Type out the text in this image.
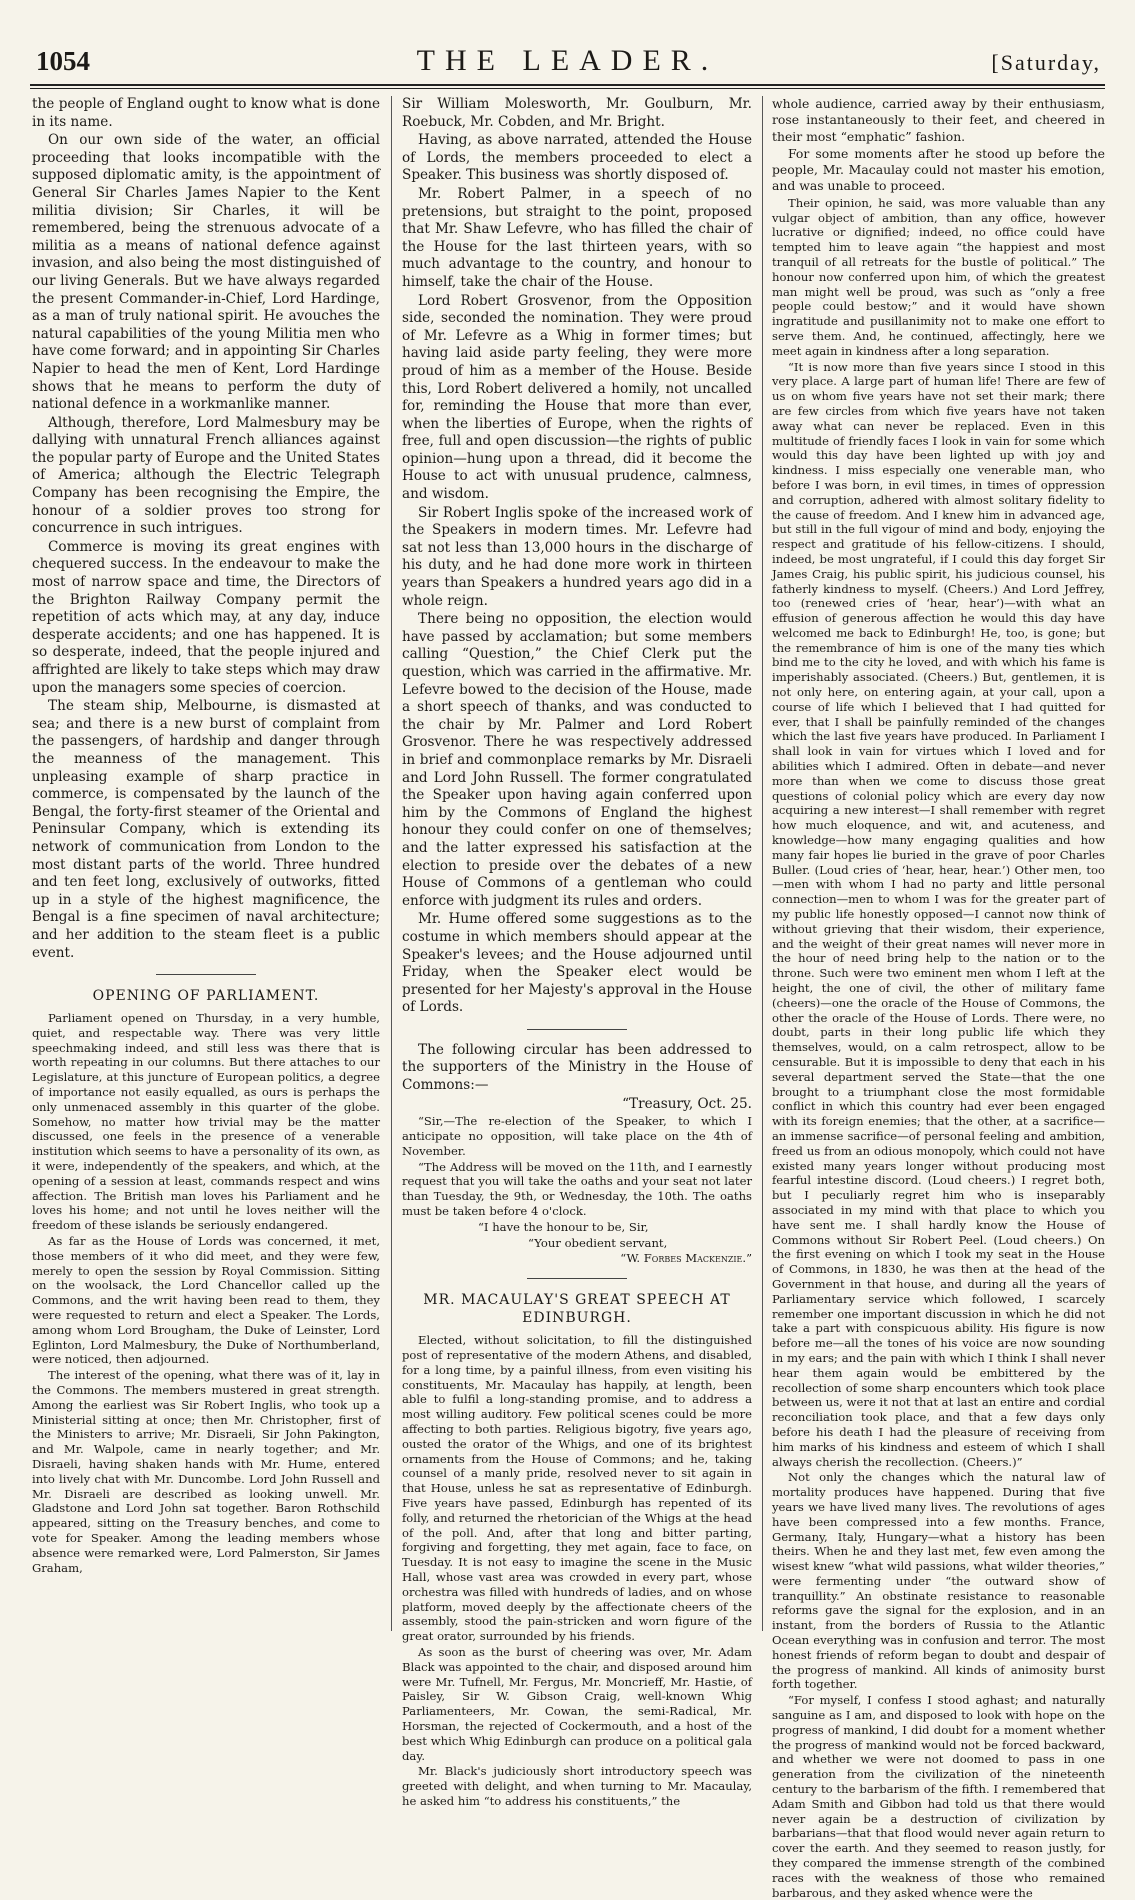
1054	THE LEADER.	[Saturday,

the people of England ought to know what is done in its name.

On our own side of the water, an official proceeding that looks incompatible with the supposed diplomatic amity, is the appointment of General Sir Charles James Napier to the Kent militia division; Sir Charles, it will be remembered, being the strenuous advocate of a militia as a means of national defence against invasion, and also being the most distinguished of our living Generals. But we have always regarded the present Commander-in-Chief, Lord Hardinge, as a man of truly national spirit. He avouches the natural capabilities of the young Militia men who have come forward; and in appointing Sir Charles Napier to head the men of Kent, Lord Hardinge shows that he means to perform the duty of national defence in a workmanlike manner.

Although, therefore, Lord Malmesbury may be dallying with unnatural French alliances against the popular party of Europe and the United States of America; although the Electric Telegraph Company has been recognising the Empire, the honour of a soldier proves too strong for concurrence in such intrigues.

Commerce is moving its great engines with chequered success. In the endeavour to make the most of narrow space and time, the Directors of the Brighton Railway Company permit the repetition of acts which may, at any day, induce desperate accidents; and one has happened. It is so desperate, indeed, that the people injured and affrighted are likely to take steps which may draw upon the managers some species of coercion.

The steam ship, Melbourne, is dismasted at sea; and there is a new burst of complaint from the passengers, of hardship and danger through the meanness of the management. This unpleasing example of sharp practice in commerce, is compensated by the launch of the Bengal, the forty-first steamer of the Oriental and Peninsular Company, which is extending its network of communication from London to the most distant parts of the world. Three hundred and ten feet long, exclusively of outworks, fitted up in a style of the highest magnificence, the Bengal is a fine specimen of naval architecture; and her addition to the steam fleet is a public event.

OPENING OF PARLIAMENT.

Parliament opened on Thursday, in a very humble, quiet, and respectable way. There was very little speechmaking indeed, and still less was there that is worth repeating in our columns. But there attaches to our Legislature, at this juncture of European politics, a degree of importance not easily equalled, as ours is perhaps the only unmenaced assembly in this quarter of the globe. Somehow, no matter how trivial may be the matter discussed, one feels in the presence of a venerable institution which seems to have a personality of its own, as it were, independently of the speakers, and which, at the opening of a session at least, commands respect and wins affection. The British man loves his Parliament and he loves his home; and not until he loves neither will the freedom of these islands be seriously endangered.

As far as the House of Lords was concerned, it met, those members of it who did meet, and they were few, merely to open the session by Royal Commission. Sitting on the woolsack, the Lord Chancellor called up the Commons, and the writ having been read to them, they were requested to return and elect a Speaker. The Lords, among whom Lord Brougham, the Duke of Leinster, Lord Eglinton, Lord Malmesbury, the Duke of Northumberland, were noticed, then adjourned.

The interest of the opening, what there was of it, lay in the Commons. The members mustered in great strength. Among the earliest was Sir Robert Inglis, who took up a Ministerial sitting at once; then Mr. Christopher, first of the Ministers to arrive; Mr. Disraeli, Sir John Pakington, and Mr. Walpole, came in nearly together; and Mr. Disraeli, having shaken hands with Mr. Hume, entered into lively chat with Mr. Duncombe. Lord John Russell and Mr. Disraeli are described as looking unwell. Mr. Gladstone and Lord John sat together. Baron Rothschild appeared, sitting on the Treasury benches, and come to vote for Speaker. Among the leading members whose absence were remarked were, Lord Palmerston, Sir James Graham,

Sir William Molesworth, Mr. Goulburn, Mr. Roebuck, Mr. Cobden, and Mr. Bright.

Having, as above narrated, attended the House of Lords, the members proceeded to elect a Speaker. This business was shortly disposed of.

Mr. Robert Palmer, in a speech of no pretensions, but straight to the point, proposed that Mr. Shaw Lefevre, who has filled the chair of the House for the last thirteen years, with so much advantage to the country, and honour to himself, take the chair of the House.

Lord Robert Grosvenor, from the Opposition side, seconded the nomination. They were proud of Mr. Lefevre as a Whig in former times; but having laid aside party feeling, they were more proud of him as a member of the House. Beside this, Lord Robert delivered a homily, not uncalled for, reminding the House that more than ever, when the liberties of Europe, when the rights of free, full and open discussion—the rights of public opinion—hung upon a thread, did it become the House to act with unusual prudence, calmness, and wisdom.

Sir Robert Inglis spoke of the increased work of the Speakers in modern times. Mr. Lefevre had sat not less than 13,000 hours in the discharge of his duty, and he had done more work in thirteen years than Speakers a hundred years ago did in a whole reign.

There being no opposition, the election would have passed by acclamation; but some members calling “Question,” the Chief Clerk put the question, which was carried in the affirmative. Mr. Lefevre bowed to the decision of the House, made a short speech of thanks, and was conducted to the chair by Mr. Palmer and Lord Robert Grosvenor. There he was respectively addressed in brief and commonplace remarks by Mr. Disraeli and Lord John Russell. The former congratulated the Speaker upon having again conferred upon him by the Commons of England the highest honour they could confer on one of themselves; and the latter expressed his satisfaction at the election to preside over the debates of a new House of Commons of a gentleman who could enforce with judgment its rules and orders.

Mr. Hume offered some suggestions as to the costume in which members should appear at the Speaker's levees; and the House adjourned until Friday, when the Speaker elect would be presented for her Majesty's approval in the House of Lords.

The following circular has been addressed to the supporters of the Ministry in the House of Commons:—

“Treasury, Oct. 25.

“Sir,—The re-election of the Speaker, to which I anticipate no opposition, will take place on the 4th of November.

“The Address will be moved on the 11th, and I earnestly request that you will take the oaths and your seat not later than Tuesday, the 9th, or Wednesday, the 10th. The oaths must be taken before 4 o'clock.

“I have the honour to be, Sir,

“Your obedient servant,

“W. Forbes Mackenzie.”

MR. MACAULAY'S GREAT SPEECH AT EDINBURGH.

Elected, without solicitation, to fill the distinguished post of representative of the modern Athens, and disabled, for a long time, by a painful illness, from even visiting his constituents, Mr. Macaulay has happily, at length, been able to fulfil a long-standing promise, and to address a most willing auditory. Few political scenes could be more affecting to both parties. Religious bigotry, five years ago, ousted the orator of the Whigs, and one of its brightest ornaments from the House of Commons; and he, taking counsel of a manly pride, resolved never to sit again in that House, unless he sat as representative of Edinburgh. Five years have passed, Edinburgh has repented of its folly, and returned the rhetorician of the Whigs at the head of the poll. And, after that long and bitter parting, forgiving and forgetting, they met again, face to face, on Tuesday. It is not easy to imagine the scene in the Music Hall, whose vast area was crowded in every part, whose orchestra was filled with hundreds of ladies, and on whose platform, moved deeply by the affectionate cheers of the assembly, stood the pain-stricken and worn figure of the great orator, surrounded by his friends.

As soon as the burst of cheering was over, Mr. Adam Black was appointed to the chair, and disposed around him were Mr. Tufnell, Mr. Fergus, Mr. Moncrieff, Mr. Hastie, of Paisley, Sir W. Gibson Craig, well-known Whig Parliamenteers, Mr. Cowan, the semi-Radical, Mr. Horsman, the rejected of Cockermouth, and a host of the best which Whig Edinburgh can produce on a political gala day.

Mr. Black's judiciously short introductory speech was greeted with delight, and when turning to Mr. Macaulay, he asked him “to address his constituents,” the

whole audience, carried away by their enthusiasm, rose instantaneously to their feet, and cheered in their most “emphatic” fashion.

For some moments after he stood up before the people, Mr. Macaulay could not master his emotion, and was unable to proceed.

Their opinion, he said, was more valuable than any vulgar object of ambition, than any office, however lucrative or dignified; indeed, no office could have tempted him to leave again “the happiest and most tranquil of all retreats for the bustle of political.” The honour now conferred upon him, of which the greatest man might well be proud, was such as “only a free people could bestow;” and it would have shown ingratitude and pusillanimity not to make one effort to serve them. And, he continued, affectingly, here we meet again in kindness after a long separation.

“It is now more than five years since I stood in this very place. A large part of human life! There are few of us on whom five years have not set their mark; there are few circles from which five years have not taken away what can never be replaced. Even in this multitude of friendly faces I look in vain for some which would this day have been lighted up with joy and kindness. I miss especially one venerable man, who before I was born, in evil times, in times of oppression and corruption, adhered with almost solitary fidelity to the cause of freedom. And I knew him in advanced age, but still in the full vigour of mind and body, enjoying the respect and gratitude of his fellow-citizens. I should, indeed, be most ungrateful, if I could this day forget Sir James Craig, his public spirit, his judicious counsel, his fatherly kindness to myself. (Cheers.) And Lord Jeffrey, too (renewed cries of ‘hear, hear’)—with what an effusion of generous affection he would this day have welcomed me back to Edinburgh! He, too, is gone; but the remembrance of him is one of the many ties which bind me to the city he loved, and with which his fame is imperishably associated. (Cheers.) But, gentlemen, it is not only here, on entering again, at your call, upon a course of life which I believed that I had quitted for ever, that I shall be painfully reminded of the changes which the last five years have produced. In Parliament I shall look in vain for virtues which I loved and for abilities which I admired. Often in debate—and never more than when we come to discuss those great questions of colonial policy which are every day now acquiring a new interest—I shall remember with regret how much eloquence, and wit, and acuteness, and knowledge—how many engaging qualities and how many fair hopes lie buried in the grave of poor Charles Buller. (Loud cries of ‘hear, hear, hear.’) Other men, too—men with whom I had no party and little personal connection—men to whom I was for the greater part of my public life honestly opposed—I cannot now think of without grieving that their wisdom, their experience, and the weight of their great names will never more in the hour of need bring help to the nation or to the throne. Such were two eminent men whom I left at the height, the one of civil, the other of military fame (cheers)—one the oracle of the House of Commons, the other the oracle of the House of Lords. There were, no doubt, parts in their long public life which they themselves, would, on a calm retrospect, allow to be censurable. But it is impossible to deny that each in his several department served the State—that the one brought to a triumphant close the most formidable conflict in which this country had ever been engaged with its foreign enemies; that the other, at a sacrifice—an immense sacrifice—of personal feeling and ambition, freed us from an odious monopoly, which could not have existed many years longer without producing most fearful intestine discord. (Loud cheers.) I regret both, but I peculiarly regret him who is inseparably associated in my mind with that place to which you have sent me. I shall hardly know the House of Commons without Sir Robert Peel. (Loud cheers.) On the first evening on which I took my seat in the House of Commons, in 1830, he was then at the head of the Government in that house, and during all the years of Parliamentary service which followed, I scarcely remember one important discussion in which he did not take a part with conspicuous ability. His figure is now before me—all the tones of his voice are now sounding in my ears; and the pain with which I think I shall never hear them again would be embittered by the recollection of some sharp encounters which took place between us, were it not that at last an entire and cordial reconciliation took place, and that a few days only before his death I had the pleasure of receiving from him marks of his kindness and esteem of which I shall always cherish the recollection. (Cheers.)”

Not only the changes which the natural law of mortality produces have happened. During that five years we have lived many lives. The revolutions of ages have been compressed into a few months. France, Germany, Italy, Hungary—what a history has been theirs. When he and they last met, few even among the wisest knew “what wild passions, what wilder theories,” were fermenting under “the outward show of tranquillity.” An obstinate resistance to reasonable reforms gave the signal for the explosion, and in an instant, from the borders of Russia to the Atlantic Ocean everything was in confusion and terror. The most honest friends of reform began to doubt and despair of the progress of mankind. All kinds of animosity burst forth together.

“For myself, I confess I stood aghast; and naturally sanguine as I am, and disposed to look with hope on the progress of mankind, I did doubt for a moment whether the progress of mankind would not be forced backward, and whether we were not doomed to pass in one generation from the civilization of the nineteenth century to the barbarism of the fifth. I remembered that Adam Smith and Gibbon had told us that there would never again be a destruction of civilization by barbarians—that that flood would never again return to cover the earth. And they seemed to reason justly, for they compared the immense strength of the combined races with the weakness of those who remained barbarous, and they asked whence were the
